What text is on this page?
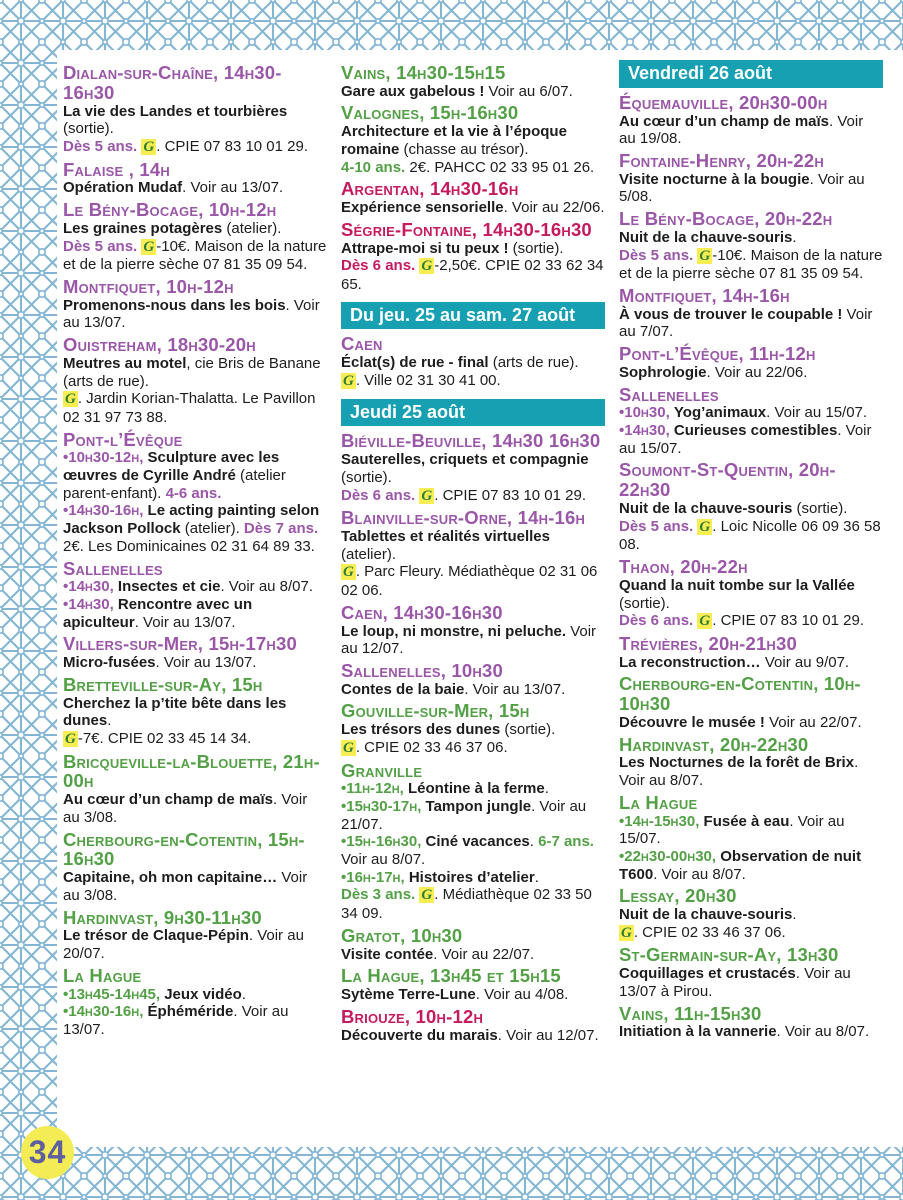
Dialan-sur-Chaîne, 14h30-16h30
La vie des Landes et tourbières (sortie).
Dès 5 ans. G . CPIE 07 83 10 01 29.
Falaise , 14h
Opération Mudaf. Voir au 13/07.
Le Bény-Bocage, 10h-12h
Les graines potagères (atelier).
Dès 5 ans. G -10€. Maison de la nature et de la pierre sèche 07 81 35 09 54.
Montfiquet, 10h-12h
Promenons-nous dans les bois. Voir au 13/07.
Ouistreham, 18h30-20h
Meutres au motel, cie Bris de Banane (arts de rue).
G . Jardin Korian-Thalatta. Le Pavillon 02 31 97 73 88.
Pont-l’Évêque
•10h30-12h, Sculpture avec les œuvres de Cyrille André (atelier parent-enfant). 4-6 ans.
•14h30-16h, Le acting painting selon Jackson Pollock (atelier). Dès 7 ans.
2€. Les Dominicaines 02 31 64 89 33.
Sallenelles
•14h30, Insectes et cie. Voir au 8/07.
•14h30, Rencontre avec un apiculteur. Voir au 13/07.
Villers-sur-Mer, 15h-17h30
Micro-fusées. Voir au 13/07.
Bretteville-sur-Ay, 15h
Cherchez la p’tite bête dans les dunes.
G -7€. CPIE 02 33 45 14 34.
Bricqueville-la-Blouette, 21h-00h
Au cœur d’un champ de maïs. Voir au 3/08.
Cherbourg-en-Cotentin, 15h-16h30
Capitaine, oh mon capitaine… Voir au 3/08.
Hardinvast, 9h30-11h30
Le trésor de Claque-Pépin. Voir au 20/07.
La Hague
•13h45-14h45, Jeux vidéo.
•14h30-16h, Éphéméride. Voir au 13/07.
Vains, 14h30-15h15
Gare aux gabelous ! Voir au 6/07.
Valognes, 15h-16h30
Architecture et la vie à l’époque romaine (chasse au trésor).
4-10 ans. 2€. PAHCC 02 33 95 01 26.
Argentan, 14h30-16h
Expérience sensorielle. Voir au 22/06.
Ségrie-Fontaine, 14h30-16h30
Attrape-moi si tu peux ! (sortie).
Dès 6 ans. G -2,50€. CPIE 02 33 62 34 65.
Du jeu. 25 au sam. 27 août
Caen
Éclat(s) de rue - final (arts de rue).
G . Ville 02 31 30 41 00.
Jeudi 25 août
Biéville-Beuville, 14h30 16h30
Sauterelles, criquets et compagnie (sortie).
Dès 6 ans. G . CPIE 07 83 10 01 29.
Blainville-sur-Orne, 14h-16h
Tablettes et réalités virtuelles (atelier).
G . Parc Fleury. Médiathèque 02 31 06 02 06.
Caen, 14h30-16h30
Le loup, ni monstre, ni peluche. Voir au 12/07.
Sallenelles, 10h30
Contes de la baie. Voir au 13/07.
Gouville-sur-Mer, 15h
Les trésors des dunes (sortie).
G . CPIE 02 33 46 37 06.
Granville
•11h-12h, Léontine à la ferme.
•15h30-17h, Tampon jungle. Voir au 21/07.
•15h-16h30, Ciné vacances. 6-7 ans. Voir au 8/07.
•16h-17h, Histoires d’atelier.
Dès 3 ans. G . Médiathèque 02 33 50 34 09.
Gratot, 10h30
Visite contée. Voir au 22/07.
La Hague, 13h45 et 15h15
Sytème Terre-Lune. Voir au 4/08.
Briouze, 10h-12h
Découverte du marais. Voir au 12/07.
Vendredi 26 août
Équemauville, 20h30-00h
Au cœur d’un champ de maïs. Voir au 19/08.
Fontaine-Henry, 20h-22h
Visite nocturne à la bougie. Voir au 5/08.
Le Bény-Bocage, 20h-22h
Nuit de la chauve-souris.
Dès 5 ans. G -10€. Maison de la nature et de la pierre sèche 07 81 35 09 54.
Montfiquet, 14h-16h
À vous de trouver le coupable ! Voir au 7/07.
Pont-l’Évêque, 11h-12h
Sophrologie. Voir au 22/06.
Sallenelles
•10h30, Yog’animaux. Voir au 15/07.
•14h30, Curieuses comestibles. Voir au 15/07.
Soumont-St-Quentin, 20h-22h30
Nuit de la chauve-souris (sortie).
Dès 5 ans. G . Loic Nicolle 06 09 36 58 08.
Thaon, 20h-22h
Quand la nuit tombe sur la Vallée (sortie).
Dès 6 ans. G . CPIE 07 83 10 01 29.
Trévières, 20h-21h30
La reconstruction… Voir au 9/07.
Cherbourg-en-Cotentin, 10h-10h30
Découvre le musée ! Voir au 22/07.
Hardinvast, 20h-22h30
Les Nocturnes de la forêt de Brix. Voir au 8/07.
La Hague
•14h-15h30, Fusée à eau. Voir au 15/07.
•22h30-00h30, Observation de nuit T600. Voir au 8/07.
Lessay, 20h30
Nuit de la chauve-souris.
G . CPIE 02 33 46 37 06.
St-Germain-sur-Ay, 13h30
Coquillages et crustacés. Voir au 13/07 à Pirou.
Vains, 11h-15h30
Initiation à la vannerie. Voir au 8/07.
34
